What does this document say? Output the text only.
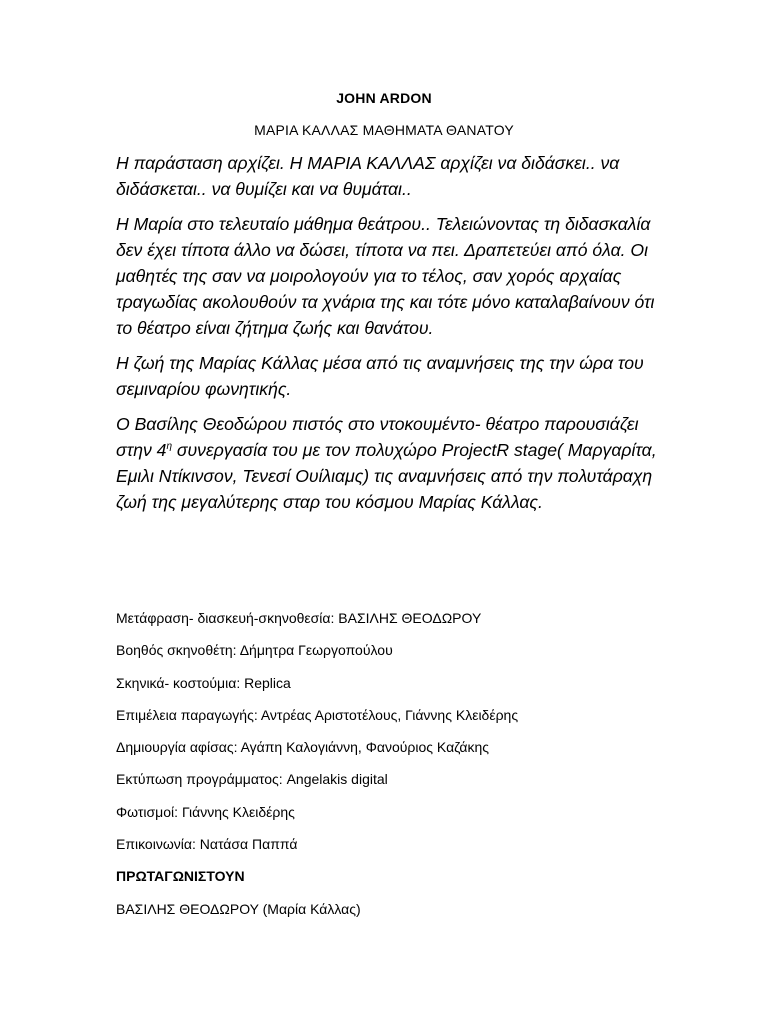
JOHN ARDON
ΜΑΡΙΑ ΚΑΛΛΑΣ ΜΑΘΗΜΑΤΑ ΘΑΝΑΤΟΥ

Η παράσταση αρχίζει. Η ΜΑΡΙΑ ΚΑΛΛΑΣ αρχίζει να διδάσκει.. να διδάσκεται.. να θυμίζει και να θυμάται..

Η Μαρία στο τελευταίο μάθημα θεάτρου.. Τελειώνοντας τη διδασκαλία δεν έχει τίποτα άλλο να δώσει, τίποτα να πει. Δραπετεύει από όλα. Οι μαθητές της σαν να μοιρολογούν για το τέλος, σαν χορός αρχαίας τραγωδίας ακολουθούν τα χνάρια της και τότε μόνο καταλαβαίνουν ότι το θέατρο είναι ζήτημα ζωής και θανάτου.

Η ζωή της Μαρίας Κάλλας μέσα από τις αναμνήσεις της την ώρα του σεμιναρίου φωνητικής.

Ο Βασίλης Θεοδώρου πιστός στο ντοκουμέντο- θέατρο παρουσιάζει στην $4^\eta$ συνεργασία του με τον πολυχώρο ProjectR stage( Μαργαρίτα, Εμιλι Ντίκινσον, Τενεσί Ουίλιαμς) τις αναμνήσεις από την πολυτάραχη ζωή της μεγαλύτερης σταρ του κόσμου Μαρίας Κάλλας.

Μετάφραση- διασκευή-σκηνοθεσία: ΒΑΣΙΛΗΣ ΘΕΟΔΩΡΟΥ
Βοηθός σκηνοθέτη: Δήμητρα Γεωργοπούλου
Σκηνικά- κοστούμια: Replica
Επιμέλεια παραγωγής: Αντρέας Αριστοτέλους, Γιάννης Κλειδέρης
Δημιουργία αφίσας: Αγάπη Καλογιάννη, Φανούριος Καζάκης
Εκτύπωση προγράμματος: Angelakis digital
Φωτισμοί: Γιάννης Κλειδέρης
Επικοινωνία: Νατάσα Παππά
ΠΡΩΤΑΓΩΝΙΣΤΟΥΝ
ΒΑΣΙΛΗΣ ΘΕΟΔΩΡΟΥ (Μαρία Κάλλας)
